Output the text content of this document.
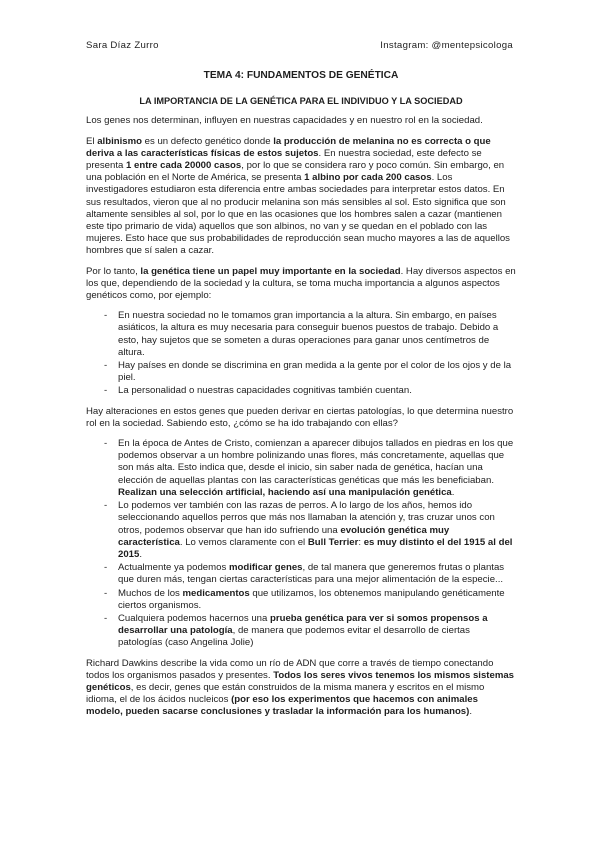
Sara Díaz Zurro	Instagram: @mentepsicologa
TEMA 4: FUNDAMENTOS DE GENÉTICA
LA IMPORTANCIA DE LA GENÉTICA PARA EL INDIVIDUO Y LA SOCIEDAD

Los genes nos determinan, influyen en nuestras capacidades y en nuestro rol en la sociedad.

El albinismo es un defecto genético donde la producción de melanina no es correcta o que deriva a las características físicas de estos sujetos. En nuestra sociedad, este defecto se presenta 1 entre cada 20000 casos, por lo que se considera raro y poco común. Sin embargo, en una población en el Norte de América, se presenta 1 albino por cada 200 casos. Los investigadores estudiaron esta diferencia entre ambas sociedades para interpretar estos datos. En sus resultados, vieron que al no producir melanina son más sensibles al sol. Esto significa que son altamente sensibles al sol, por lo que en las ocasiones que los hombres salen a cazar (mantienen este tipo primario de vida) aquellos que son albinos, no van y se quedan en el poblado con las mujeres. Esto hace que sus probabilidades de reproducción sean mucho mayores a las de aquellos hombres que sí salen a cazar.

Por lo tanto, la genética tiene un papel muy importante en la sociedad. Hay diversos aspectos en los que, dependiendo de la sociedad y la cultura, se toma mucha importancia a algunos aspectos genéticos como, por ejemplo:

- En nuestra sociedad no le tomamos gran importancia a la altura. Sin embargo, en países asiáticos, la altura es muy necesaria para conseguir buenos puestos de trabajo. Debido a esto, hay sujetos que se someten a duras operaciones para ganar unos centímetros de altura.
- Hay países en donde se discrimina en gran medida a la gente por el color de los ojos y de la piel.
- La personalidad o nuestras capacidades cognitivas también cuentan.

Hay alteraciones en estos genes que pueden derivar en ciertas patologías, lo que determina nuestro rol en la sociedad. Sabiendo esto, ¿cómo se ha ido trabajando con ellas?

- En la época de Antes de Cristo, comienzan a aparecer dibujos tallados en piedras en los que podemos observar a un hombre polinizando unas flores, más concretamente, aquellas que son más alta. Esto indica que, desde el inicio, sin saber nada de genética, hacían una elección de aquellas plantas con las características genéticas que más les beneficiaban. Realizan una selección artificial, haciendo así una manipulación genética.
- Lo podemos ver también con las razas de perros. A lo largo de los años, hemos ido seleccionando aquellos perros que más nos llamaban la atención y, tras cruzar unos con otros, podemos observar que han ido sufriendo una evolución genética muy característica. Lo vemos claramente con el Bull Terrier: es muy distinto el del 1915 al del 2015.
- Actualmente ya podemos modificar genes, de tal manera que generemos frutas o plantas que duren más, tengan ciertas características para una mejor alimentación de la especie...
- Muchos de los medicamentos que utilizamos, los obtenemos manipulando genéticamente ciertos organismos.
- Cualquiera podemos hacernos una prueba genética para ver si somos propensos a desarrollar una patología, de manera que podemos evitar el desarrollo de ciertas patologías (caso Angelina Jolie)

Richard Dawkins describe la vida como un río de ADN que corre a través de tiempo conectando todos los organismos pasados y presentes. Todos los seres vivos tenemos los mismos sistemas genéticos, es decir, genes que están construidos de la misma manera y escritos en el mismo idioma, el de los ácidos nucleicos (por eso los experimentos que hacemos con animales modelo, pueden sacarse conclusiones y trasladar la información para los humanos).
